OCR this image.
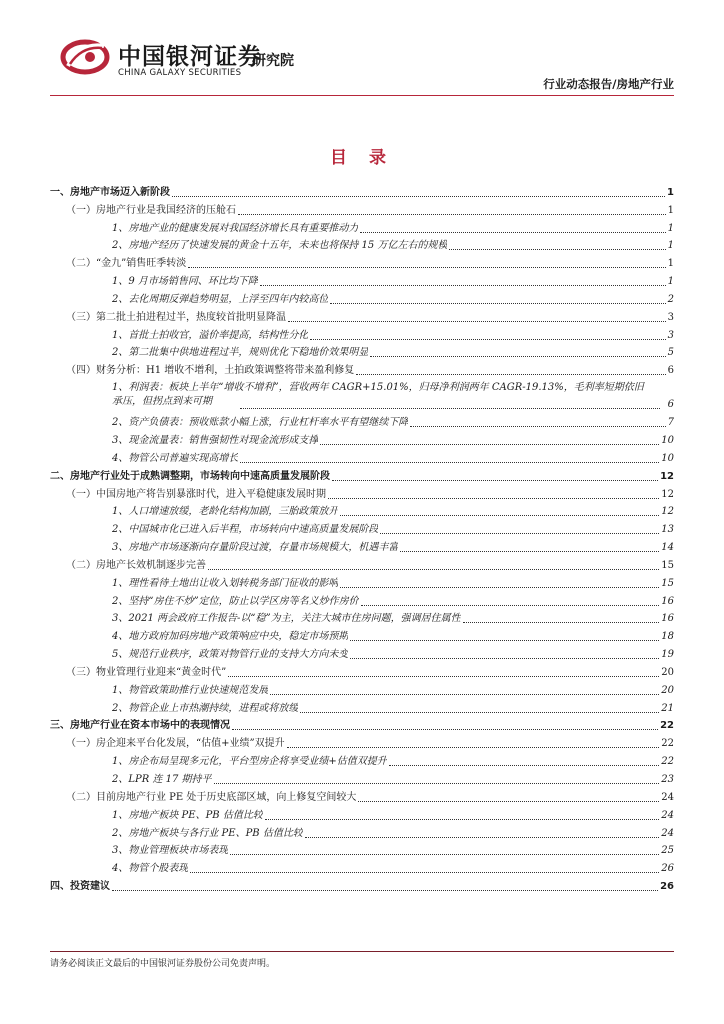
中国银河证券
CHINA GALAXY SECURITIES
研究院
行业动态报告/房地产行业
目 录
一、房地产市场迈入新阶段	1
（一）房地产行业是我国经济的压舱石	1
1、房地产业的健康发展对我国经济增长具有重要推动力	1
2、房地产经历了快速发展的黄金十五年，未来也将保持 15 万亿左右的规模	1
（二）“金九”销售旺季转淡	1
1、9 月市场销售同、环比均下降	1
2、去化周期反弹趋势明显，上浮至四年内较高位	2
（三）第二批土拍进程过半，热度较首批明显降温	3
1、首批土拍收官，溢价率提高，结构性分化	3
2、第二批集中供地进程过半，规则优化下稳地价效果明显	5
（四）财务分析：H1 增收不增利，土拍政策调整将带来盈利修复	6
1、利润表：板块上半年“增收不增利”，营收两年 CAGR+15.01%，归母净利润两年 CAGR-19.13%，毛利率短期依旧承压，但拐点到来可期	6
2、资产负债表：预收账款小幅上涨，行业杠杆率水平有望继续下降	7
3、现金流量表：销售强韧性对现金流形成支撑	10
4、物管公司普遍实现高增长	10
二、房地产行业处于成熟调整期，市场转向中速高质量发展阶段	12
（一）中国房地产将告别暴涨时代，进入平稳健康发展时期	12
1、人口增速放缓，老龄化结构加剧，三胎政策放开	12
2、中国城市化已进入后半程，市场转向中速高质量发展阶段	13
3、房地产市场逐渐向存量阶段过渡，存量市场规模大，机遇丰富	14
（二）房地产长效机制逐步完善	15
1、理性看待土地出让收入划转税务部门征收的影响	15
2、坚持“房住不炒”定位，防止以学区房等名义炒作房价	16
3、2021 两会政府工作报告-以“稳”为主，关注大城市住房问题，强调居住属性	16
4、地方政府加码房地产政策响应中央，稳定市场预期	18
5、规范行业秩序，政策对物管行业的支持大方向未变	19
（三）物业管理行业迎来“黄金时代”	20
1、物管政策助推行业快速规范发展	20
2、物管企业上市热潮持续，进程或将放缓	21
三、房地产行业在资本市场中的表现情况	22
（一）房企迎来平台化发展，“估值+业绩”双提升	22
1、房企布局呈现多元化，平台型房企将享受业绩+估值双提升	22
2、LPR 连 17 期持平	23
（二）目前房地产行业 PE 处于历史底部区域，向上修复空间较大	24
1、房地产板块 PE、PB 估值比较	24
2、房地产板块与各行业 PE、PB 估值比较	24
3、物业管理板块市场表现	25
4、物管个股表现	26
四、投资建议	26
请务必阅读正文最后的中国银河证券股份公司免责声明。
